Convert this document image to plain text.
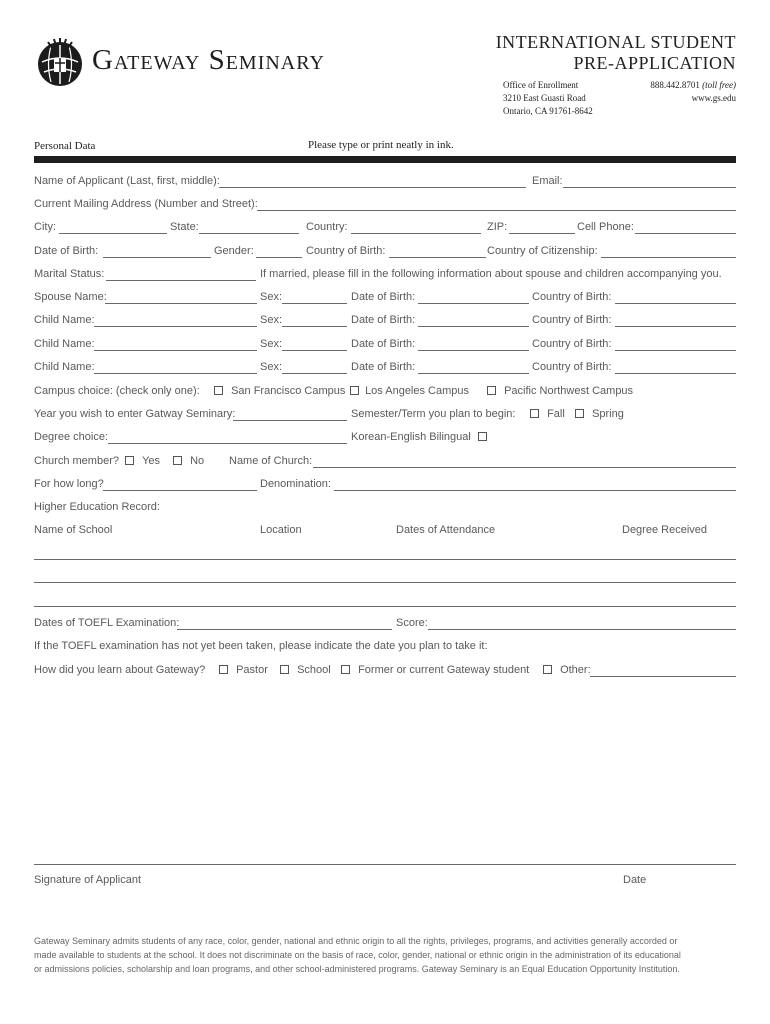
Gateway Seminary
INTERNATIONAL STUDENT
PRE-APPLICATION
Office of Enrollment
3210 East Guasti Road
Ontario, CA 91761-8642
888.442.8701 (toll free)
www.gs.edu
Personal Data	Please type or print neatly in ink.
Name of Applicant (Last, first, middle):	Email:
Current Mailing Address (Number and Street):
City:	State:	Country:	ZIP:	Cell Phone:
Date of Birth:	Gender:	Country of Birth:	Country of Citizenship:
Marital Status:	If married, please fill in the following information about spouse and children accompanying you.
Spouse Name:	Sex:	Date of Birth:	Country of Birth:
Child Name:	Sex:	Date of Birth:	Country of Birth:
Child Name:	Sex:	Date of Birth:	Country of Birth:
Child Name:	Sex:	Date of Birth:	Country of Birth:
Campus choice: (check only one):	San Francisco Campus	Los Angeles Campus	Pacific Northwest Campus
Year you wish to enter Gatway Seminary:	Semester/Term you plan to begin:	Fall	Spring
Degree choice:	Korean-English Bilingual
Church member?	Yes	No Name of Church:
For how long?	Denomination:
Higher Education Record:
Name of School	Location	Dates of Attendance	Degree Received
Dates of TOEFL Examination:	Score:
If the TOEFL examination has not yet been taken, please indicate the date you plan to take it:
How did you learn about Gateway?	Pastor	School	Former or current Gateway student	Other:
Signature of Applicant	Date
Gateway Seminary admits students of any race, color, gender, national and ethnic origin to all the rights, privileges, programs, and activities generally accorded or
made available to students at the school. It does not discriminate on the basis of race, color, gender, national or ethnic origin in the administration of its educational
or admissions policies, scholarship and loan programs, and other school-administered programs. Gateway Seminary is an Equal Education Opportunity Institution.
